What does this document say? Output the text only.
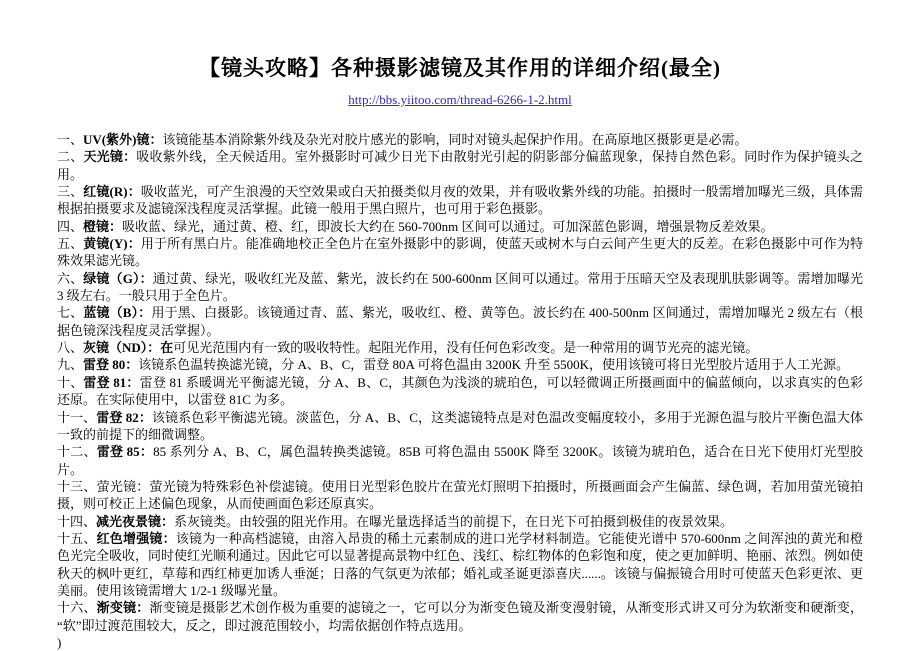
【镜头攻略】各种摄影滤镜及其作用的详细介绍(最全)
http://bbs.yiitoo.com/thread-6266-1-2.html

一、UV(紫外)镜：该镜能基本消除紫外线及杂光对胶片感光的影响，同时对镜头起保护作用。在高原地区摄影更是必需。

二、天光镜：吸收紫外线，全天候适用。室外摄影时可减少日光下由散射光引起的阴影部分偏蓝现象，保持自然色彩。同时作为保护镜头之用。

三、红镜(R)：吸收蓝光，可产生浪漫的天空效果或白天拍摄类似月夜的效果，并有吸收紫外线的功能。拍摄时一般需增加曝光三级，具体需根据拍摄要求及滤镜深浅程度灵活掌握。此镜一般用于黑白照片，也可用于彩色摄影。

四、橙镜：吸收蓝、绿光，通过黄、橙、红，即波长大约在 560-700nm 区间可以通过。可加深蓝色影调，增强景物反差效果。

五、黄镜(Y)：用于所有黑白片。能准确地校正全色片在室外摄影中的影调，使蓝天或树木与白云间产生更大的反差。在彩色摄影中可作为特殊效果滤光镜。

六、绿镜（G）：通过黄、绿光，吸收红光及蓝、紫光，波长约在 500-600nm 区间可以通过。常用于压暗天空及表现肌肤影调等。需增加曝光 3 级左右。一般只用于全色片。

七、蓝镜（B）：用于黑、白摄影。该镜通过青、蓝、紫光，吸收红、橙、黄等色。波长约在 400-500nm 区间通过，需增加曝光 2 级左右（根据色镜深浅程度灵活掌握）。

八、灰镜（ND）：在可见光范围内有一致的吸收特性。起阻光作用，没有任何色彩改变。是一种常用的调节光亮的滤光镜。

九、雷登 80：该镜系色温转换滤光镜，分 A、B、C，雷登 80A 可将色温由 3200K 升至 5500K，使用该镜可将日光型胶片适用于人工光源。

十、雷登 81：雷登 81 系暖调光平衡滤光镜，分 A、B、C，其颜色为浅淡的琥珀色，可以轻微调正所摄画面中的偏蓝倾向，以求真实的色彩还原。在实际使用中，以雷登 81C 为多。

十一、雷登 82：该镜系色彩平衡滤光镜。淡蓝色，分 A、B、C，这类滤镜特点是对色温改变幅度较小，多用于光源色温与胶片平衡色温大体一致的前提下的细微调整。

十二、雷登 85：85 系列分 A、B、C，属色温转换类滤镜。85B 可将色温由 5500K 降至 3200K。该镜为琥珀色，适合在日光下使用灯光型胶片。

十三、萤光镜：萤光镜为特殊彩色补偿滤镜。使用日光型彩色胶片在萤光灯照明下拍摄时，所摄画面会产生偏蓝、绿色调，若加用萤光镜拍摄，则可校正上述偏色现象，从而使画面色彩还原真实。

十四、减光夜景镜：系灰镜类。由较强的阻光作用。在曝光量选择适当的前提下，在日光下可拍摄到极佳的夜景效果。

十五、红色增强镜：该镜为一种高档滤镜，由溶入昂贵的稀土元素制成的进口光学材料制造。它能使光谱中 570-600nm 之间浑浊的黄光和橙色光完全吸收，同时使红光顺利通过。因此它可以显著提高景物中红色、浅红、棕红物体的色彩饱和度，使之更加鲜明、艳丽、浓烈。例如使秋天的枫叶更红，草莓和西红柿更加诱人垂涎；日落的气氛更为浓郁；婚礼或圣诞更添喜庆......。该镜与偏振镜合用时可使蓝天色彩更浓、更美丽。使用该镜需增大 1/2-1 级曝光量。

十六、渐变镜：渐变镜是摄影艺术创作极为重要的滤镜之一，它可以分为渐变色镜及渐变漫射镜，从渐变形式讲又可分为软渐变和硬渐变，“软”即过渡范围较大，反之，即过渡范围较小，均需依据创作特点选用。

)
